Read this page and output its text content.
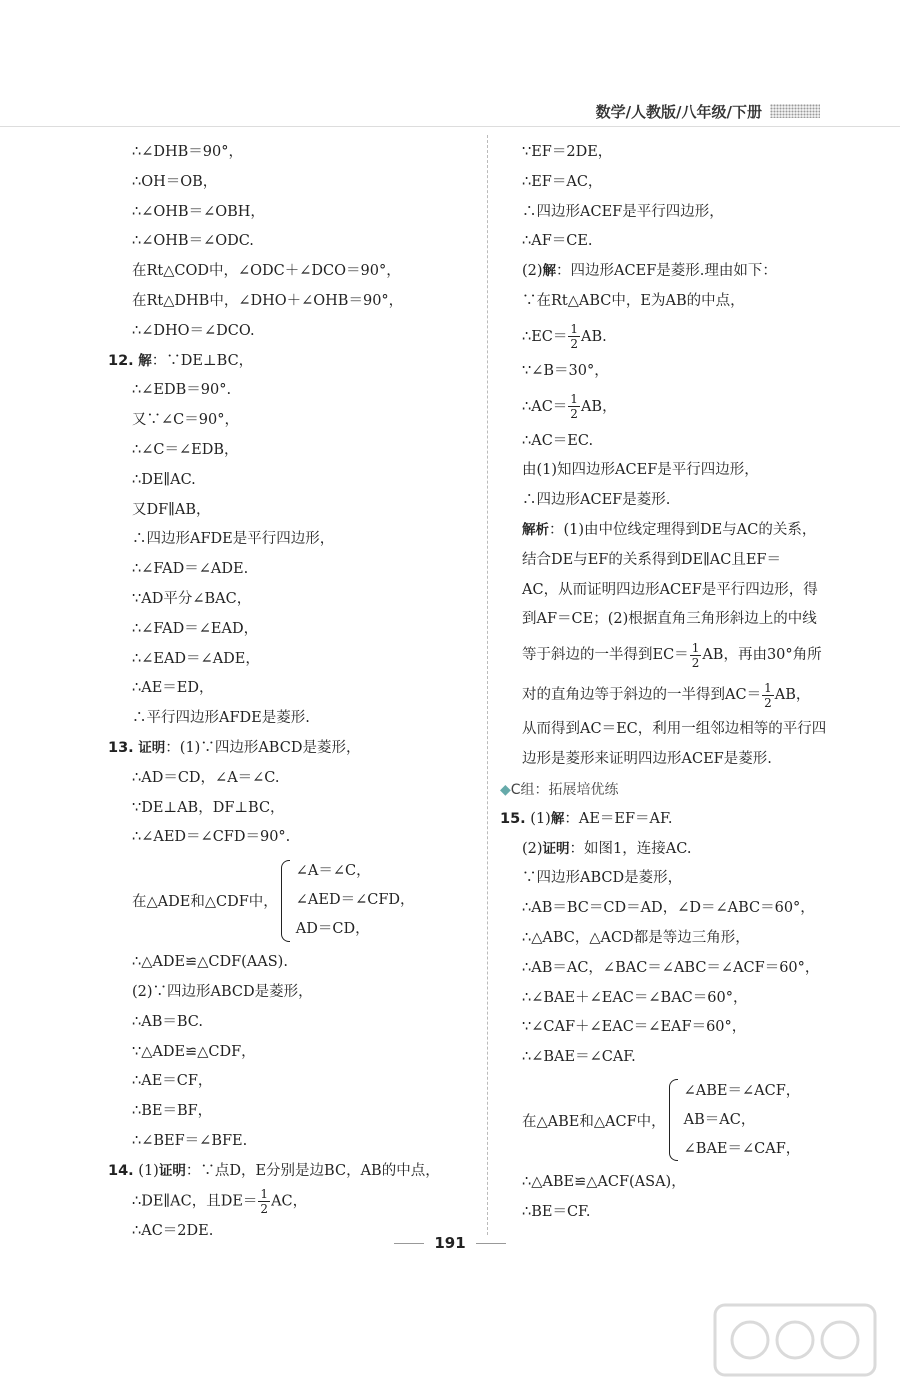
数学/人教版/八年级/下册
∴∠DHB＝90°，
∴OH＝OB，
∴∠OHB＝∠OBH，
∴∠OHB＝∠ODC.
在Rt△COD中，∠ODC＋∠DCO＝90°，
在Rt△DHB中，∠DHO＋∠OHB＝90°，
∴∠DHO＝∠DCO.
12. 解：∵DE⊥BC，
∴∠EDB＝90°.
又∵∠C＝90°，
∴∠C＝∠EDB，
∴DE∥AC.
又DF∥AB，
∴四边形AFDE是平行四边形，
∴∠FAD＝∠ADE.
∵AD平分∠BAC，
∴∠FAD＝∠EAD，
∴∠EAD＝∠ADE，
∴AE＝ED，
∴平行四边形AFDE是菱形.
13. 证明：(1)∵四边形ABCD是菱形，
∴AD＝CD，∠A＝∠C.
∵DE⊥AB，DF⊥BC，
∴∠AED＝∠CFD＝90°.
在△ADE和△CDF中，
∠A＝∠C，
∠AED＝∠CFD，
AD＝CD，
∴△ADE≌△CDF(AAS).
(2)∵四边形ABCD是菱形，
∴AB＝BC.
∵△ADE≌△CDF，
∴AE＝CF，
∴BE＝BF，
∴∠BEF＝∠BFE.
14. (1)证明：∵点D，E分别是边BC，AB的中点，
∴DE∥AC，且$DE= \frac{1}{2}$ AC，
∴AC＝2DE.
∵EF＝2DE，
∴EF＝AC，
∴四边形ACEF是平行四边形，
∴AF＝CE.
(2)解：四边形ACEF是菱形.理由如下：
∵在Rt△ABC中，E为AB的中点，
∴EC＝ $\frac{1}{2}$ AB.
∵∠B＝30°，
∴AC＝ $\frac{1}{2}$ AB，
∴AC＝EC.
由(1)知四边形ACEF是平行四边形，
∴四边形ACEF是菱形.
解析：(1)由中位线定理得到DE与AC的关系，
结合DE与EF的关系得到DE∥AC且EF＝
AC，从而证明四边形ACEF是平行四边形，得
到AF＝CE；(2)根据直角三角形斜边上的中线
等于斜边的一半得到$EC= \frac{1}{2}$ AB，再由30°角所
对的直角边等于斜边的一半得到$AC= \frac{1}{2}$ AB，
从而得到AC＝EC，利用一组邻边相等的平行四
边形是菱形来证明四边形ACEF是菱形.
◆C组：拓展培优练
15. (1)解：AE＝EF＝AF.
(2)证明：如图1，连接AC.
∵四边形ABCD是菱形，
∴AB＝BC＝CD＝AD，∠D＝∠ABC＝60°，
∴△ABC，△ACD都是等边三角形，
∴AB＝AC，∠BAC＝∠ABC＝∠ACF＝60°，
∴∠BAE＋∠EAC＝∠BAC＝60°，
∵∠CAF＋∠EAC＝∠EAF＝60°，
∴∠BAE＝∠CAF.
在△ABE和△ACF中，
∠ABE＝∠ACF，
AB＝AC，
∠BAE＝∠CAF，
∴△ABE≌△ACF(ASA)，
∴BE＝CF.
191
